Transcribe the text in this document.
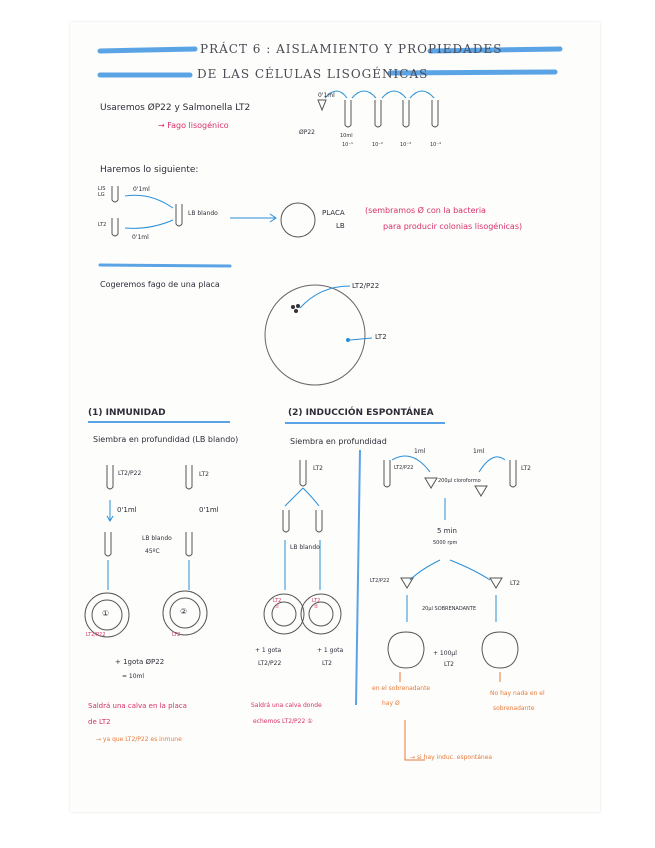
PRÁCT 6 : AISLAMIENTO Y PROPIEDADES
DE LAS CÉLULAS LISOGÉNICAS
Usaremos ØP22 y Salmonella LT2
→ Fago lisogénico
0'1ml
ØP22	10ml
10⁻¹	10⁻²	10⁻³	10⁻⁴
Haremos lo siguiente:
LIS
LG
0'1ml
LT2
0'1ml
LB blando	PLACA
LB
(sembramos Ø con la bacteria
para producir colonias lisogénicas)
Cogeremos fago de una placa	LT2/P22
LT2
(1) INMUNIDAD
Siembra en profundidad (LB blando)
LT2/P22	LT2
0'1ml	0'1ml
LB blando
45ºC
①	②
LT2/P22	LT2
+ 1gota ØP22
= 10ml
Saldrá una calva en la placa
de LT2
→ ya que LT2/P22 es inmune
(2) INDUCCIÓN ESPONTÁNEA
Siembra en profundidad
LT2
LB blando
LT2
①
LT2
②
+ 1 gota
LT2/P22
+ 1 gota
LT2
Saldrá una calva donde
echemos LT2/P22 ①
1ml	1ml
LT2/P22	LT2
200μl cloroformo
5 min
5000 rpm
LT2/P22	LT2
20μl SOBRENADANTE
+ 100μl
LT2
en el sobrenadante
hay Ø
No hay nada en el
sobrenadante
→ si hay induc. espontánea
